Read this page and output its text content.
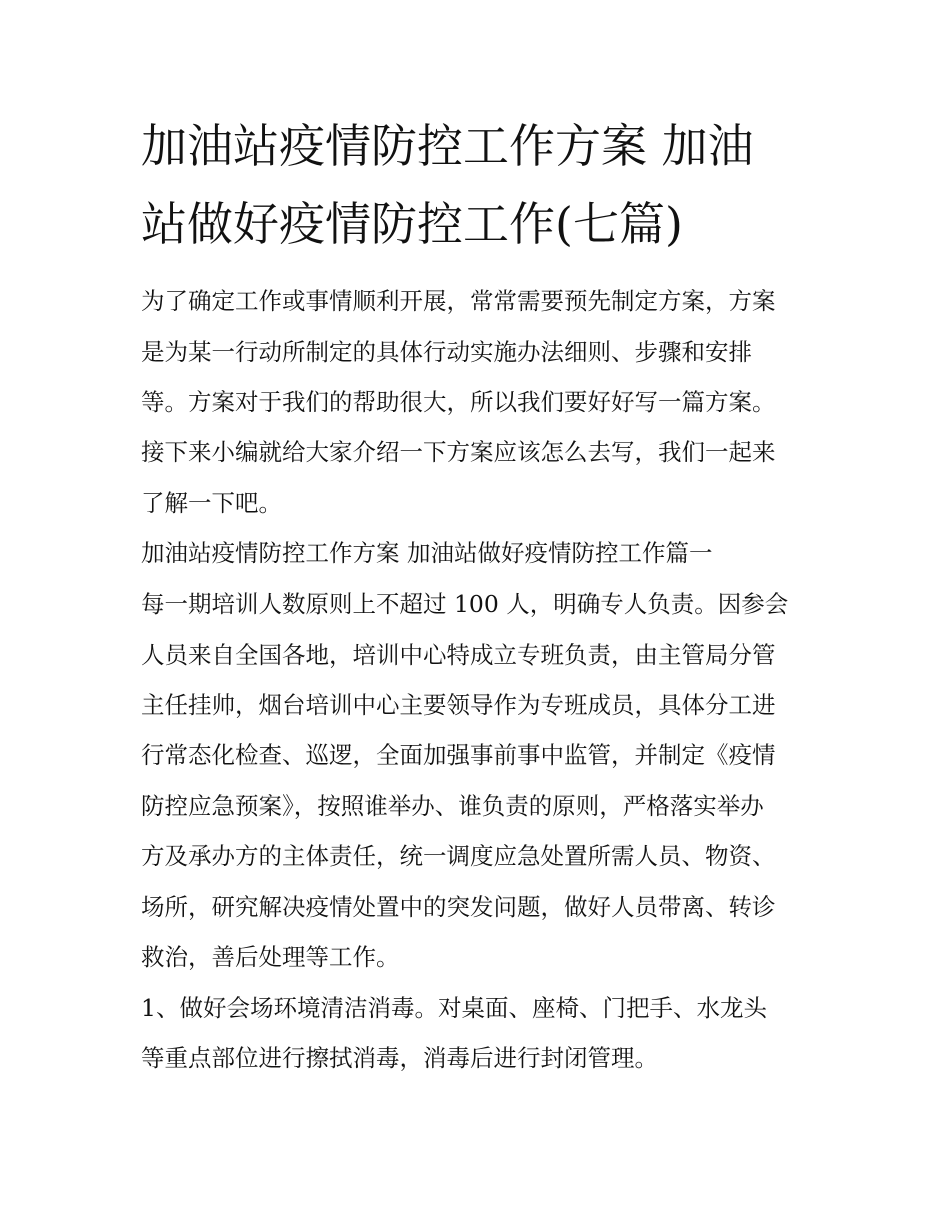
加油站疫情防控工作方案 加油
站做好疫情防控工作(七篇)
为了确定工作或事情顺利开展，常常需要预先制定方案，方案
是为某一行动所制定的具体行动实施办法细则、步骤和安排
等。方案对于我们的帮助很大，所以我们要好好写一篇方案。
接下来小编就给大家介绍一下方案应该怎么去写，我们一起来
了解一下吧。
加油站疫情防控工作方案 加油站做好疫情防控工作篇一
每一期培训人数原则上不超过 100 人，明确专人负责。因参会
人员来自全国各地，培训中心特成立专班负责，由主管局分管
主任挂帅，烟台培训中心主要领导作为专班成员，具体分工进
行常态化检查、巡逻，全面加强事前事中监管，并制定《疫情
防控应急预案》，按照谁举办、谁负责的原则，严格落实举办
方及承办方的主体责任，统一调度应急处置所需人员、物资、
场所，研究解决疫情处置中的突发问题，做好人员带离、转诊
救治，善后处理等工作。
1、做好会场环境清洁消毒。对桌面、座椅、门把手、水龙头
等重点部位进行擦拭消毒，消毒后进行封闭管理。
